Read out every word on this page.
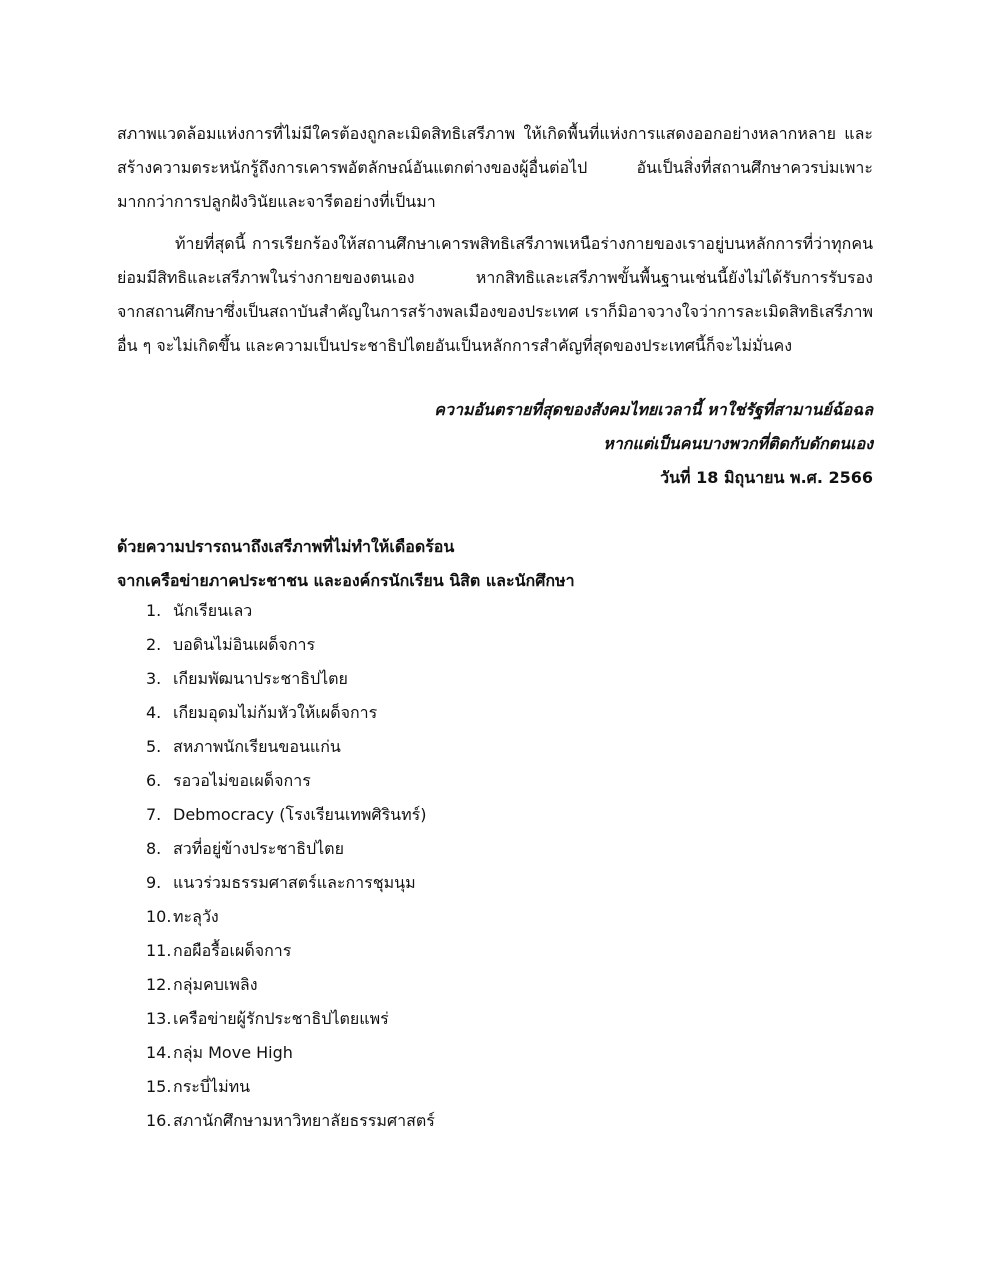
สภาพแวดล้อมแห่งการที่ไม่มีใครต้องถูกละเมิดสิทธิเสรีภาพ ให้เกิดพื้นที่แห่งการแสดงออกอย่างหลากหลาย และ
สร้างความตระหนักรู้ถึงการเคารพอัตลักษณ์อันแตกต่างของผู้อื่นต่อไป อันเป็นสิ่งที่สถานศึกษาควรบ่มเพาะ
มากกว่าการปลูกฝังวินัยและจารีตอย่างที่เป็นมา
ท้ายที่สุดนี้ การเรียกร้องให้สถานศึกษาเคารพสิทธิเสรีภาพเหนือร่างกายของเราอยู่บนหลักการที่ว่าทุกคน
ย่อมมีสิทธิและเสรีภาพในร่างกายของตนเอง หากสิทธิและเสรีภาพขั้นพื้นฐานเช่นนี้ยังไม่ได้รับการรับรอง
จากสถานศึกษาซึ่งเป็นสถาบันสำคัญในการสร้างพลเมืองของประเทศ เราก็มิอาจวางใจว่าการละเมิดสิทธิเสรีภาพ
อื่น ๆ จะไม่เกิดขึ้น และความเป็นประชาธิปไตยอันเป็นหลักการสำคัญที่สุดของประเทศนี้ก็จะไม่มั่นคง
ความอันตรายที่สุดของสังคมไทยเวลานี้ หาใช่รัฐที่สามานย์ฉ้อฉล
หากแต่เป็นคนบางพวกที่ติดกับดักตนเอง
วันที่ 18 มิถุนายน พ.ศ. 2566
ด้วยความปรารถนาถึงเสรีภาพที่ไม่ทำให้เดือดร้อน
จากเครือข่ายภาคประชาชน และองค์กรนักเรียน นิสิต และนักศึกษา
1. นักเรียนเลว
2. บอดินไม่อินเผด็จการ
3. เกียมพัฒนาประชาธิปไตย
4. เกียมอุดมไม่ก้มหัวให้เผด็จการ
5. สหภาพนักเรียนขอนแก่น
6. รอวอไม่ขอเผด็จการ
7. Debmocracy (โรงเรียนเทพศิรินทร์)
8. สวที่อยู่ข้างประชาธิปไตย
9. แนวร่วมธรรมศาสตร์และการชุมนุม
10.ทะลุวัง
11.กอผือรื้อเผด็จการ
12.กลุ่มคบเพลิง
13.เครือข่ายผู้รักประชาธิปไตยแพร่
14.กลุ่ม Move High
15.กระบี่ไม่ทน
16.สภานักศึกษามหาวิทยาลัยธรรมศาสตร์
